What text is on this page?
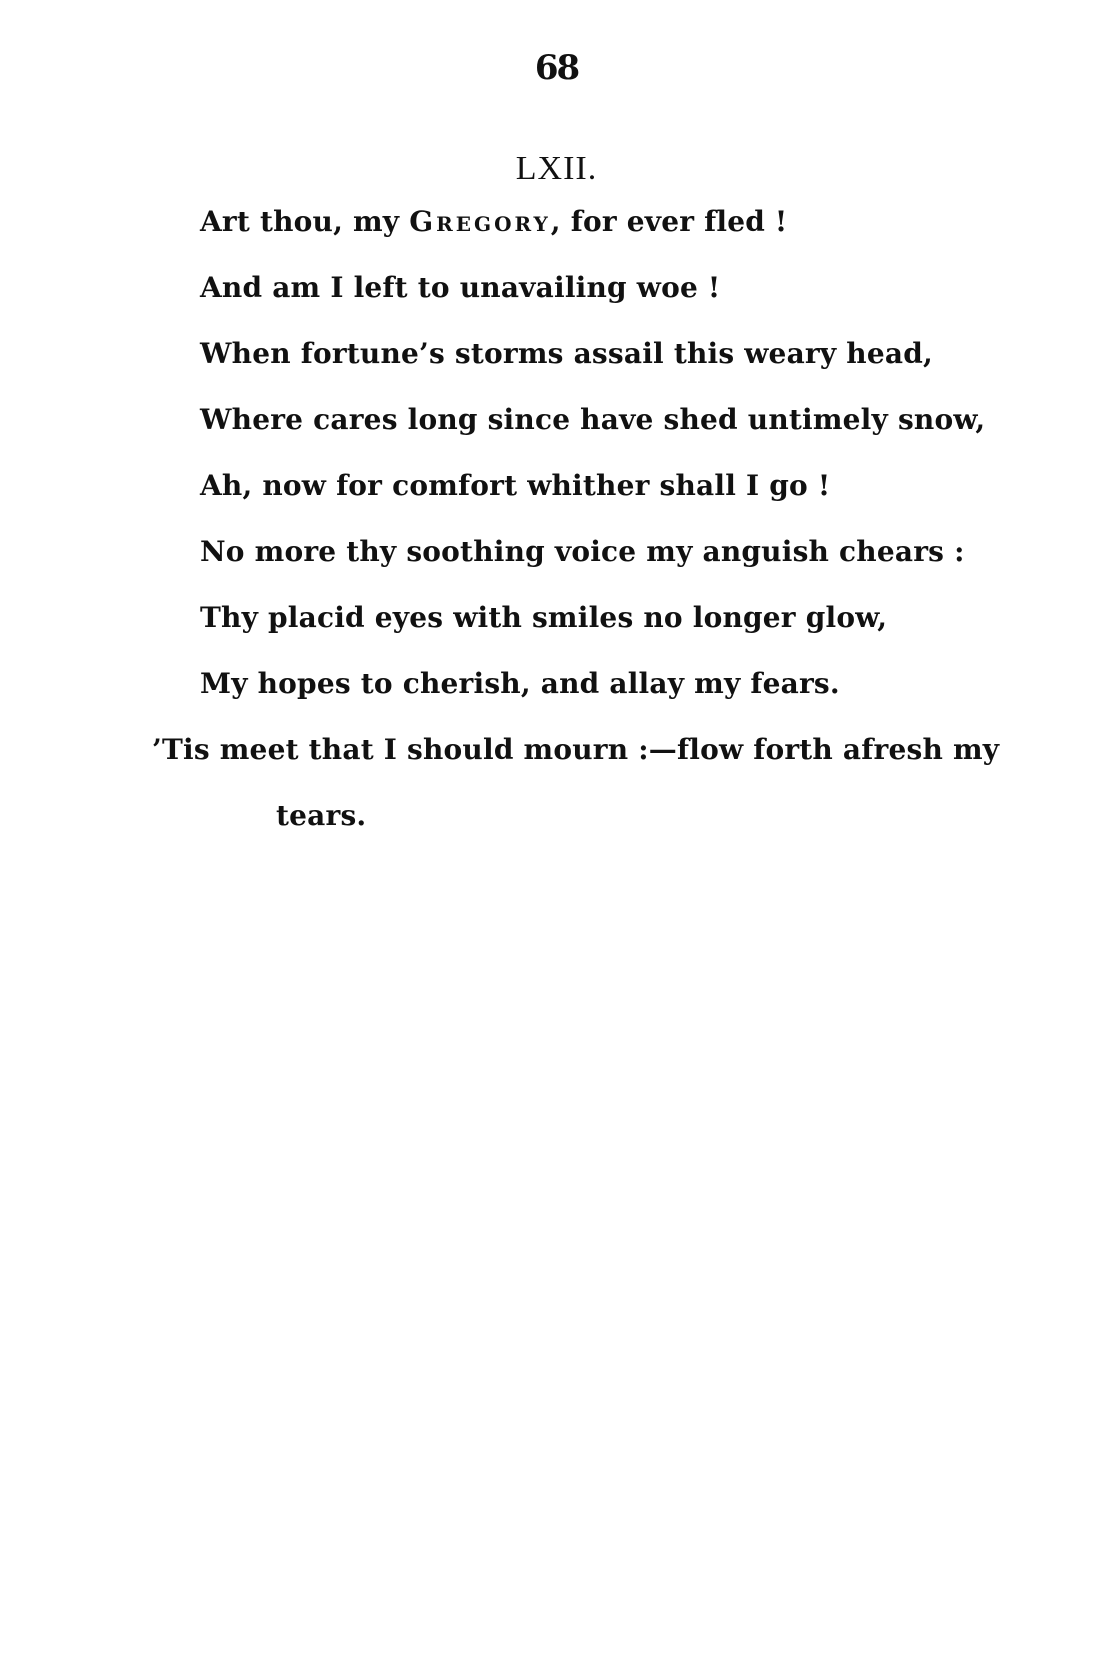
68
LXII.
Art thou, my Gregory, for ever fled !
And am I left to unavailing woe !
When fortune’s storms assail this weary head,
Where cares long since have shed untimely snow,
Ah, now for comfort whither shall I go !
No more thy soothing voice my anguish chears :
Thy placid eyes with smiles no longer glow,
My hopes to cherish, and allay my fears.
’Tis meet that I should mourn :—flow forth afresh my
tears.
